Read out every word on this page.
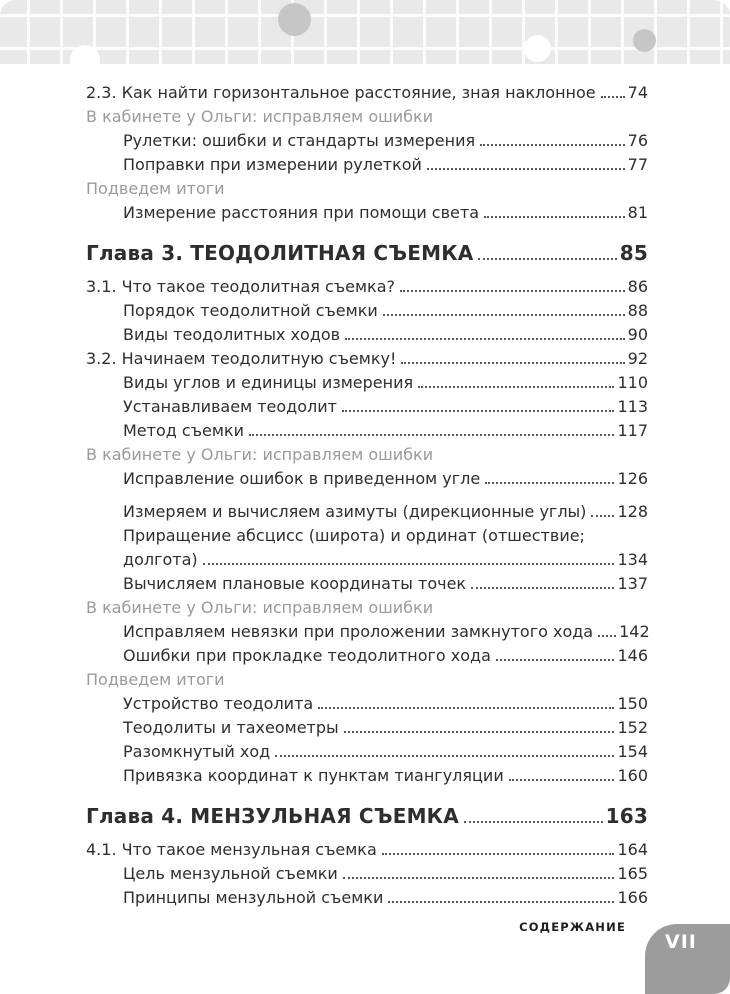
2.3. Как найти горизонтальное расстояние, зная наклонное 74
В кабинете у Ольги: исправляем ошибки
Рулетки: ошибки и стандарты измерения	76
Поправки при измерении рулеткой	77
Подведем итоги
Измерение расстояния при помощи света	81
Глава 3. ТЕОДОЛИТНАЯ СЪЕМКА	85
3.1. Что такое теодолитная съемка?	86
Порядок теодолитной съемки	88
Виды теодолитных ходов	90
3.2. Начинаем теодолитную съемку!	92
Виды углов и единицы измерения	110
Устанавливаем теодолит	113
Метод съемки	117
В кабинете у Ольги: исправляем ошибки
Исправление ошибок в приведенном угле	126
Измеряем и вычисляем азимуты (дирекционные углы) 128
Приращение абсцисс (широта) и ординат (отшествие;
долгота)	134
Вычисляем плановые координаты точек	137
В кабинете у Ольги: исправляем ошибки
Исправляем невязки при проложении замкнутого хода 142
Ошибки при прокладке теодолитного хода	146
Подведем итоги
Устройство теодолита	150
Теодолиты и тахеометры	152
Разомкнутый ход	154
Привязка координат к пунктам тиангуляции	160
Глава 4. МЕНЗУЛЬНАЯ СЪЕМКА	163
4.1. Что такое мензульная съемка	164
Цель мензульной съемки	165
Принципы мензульной съемки	166
СОДЕРЖАНИЕ
VII
